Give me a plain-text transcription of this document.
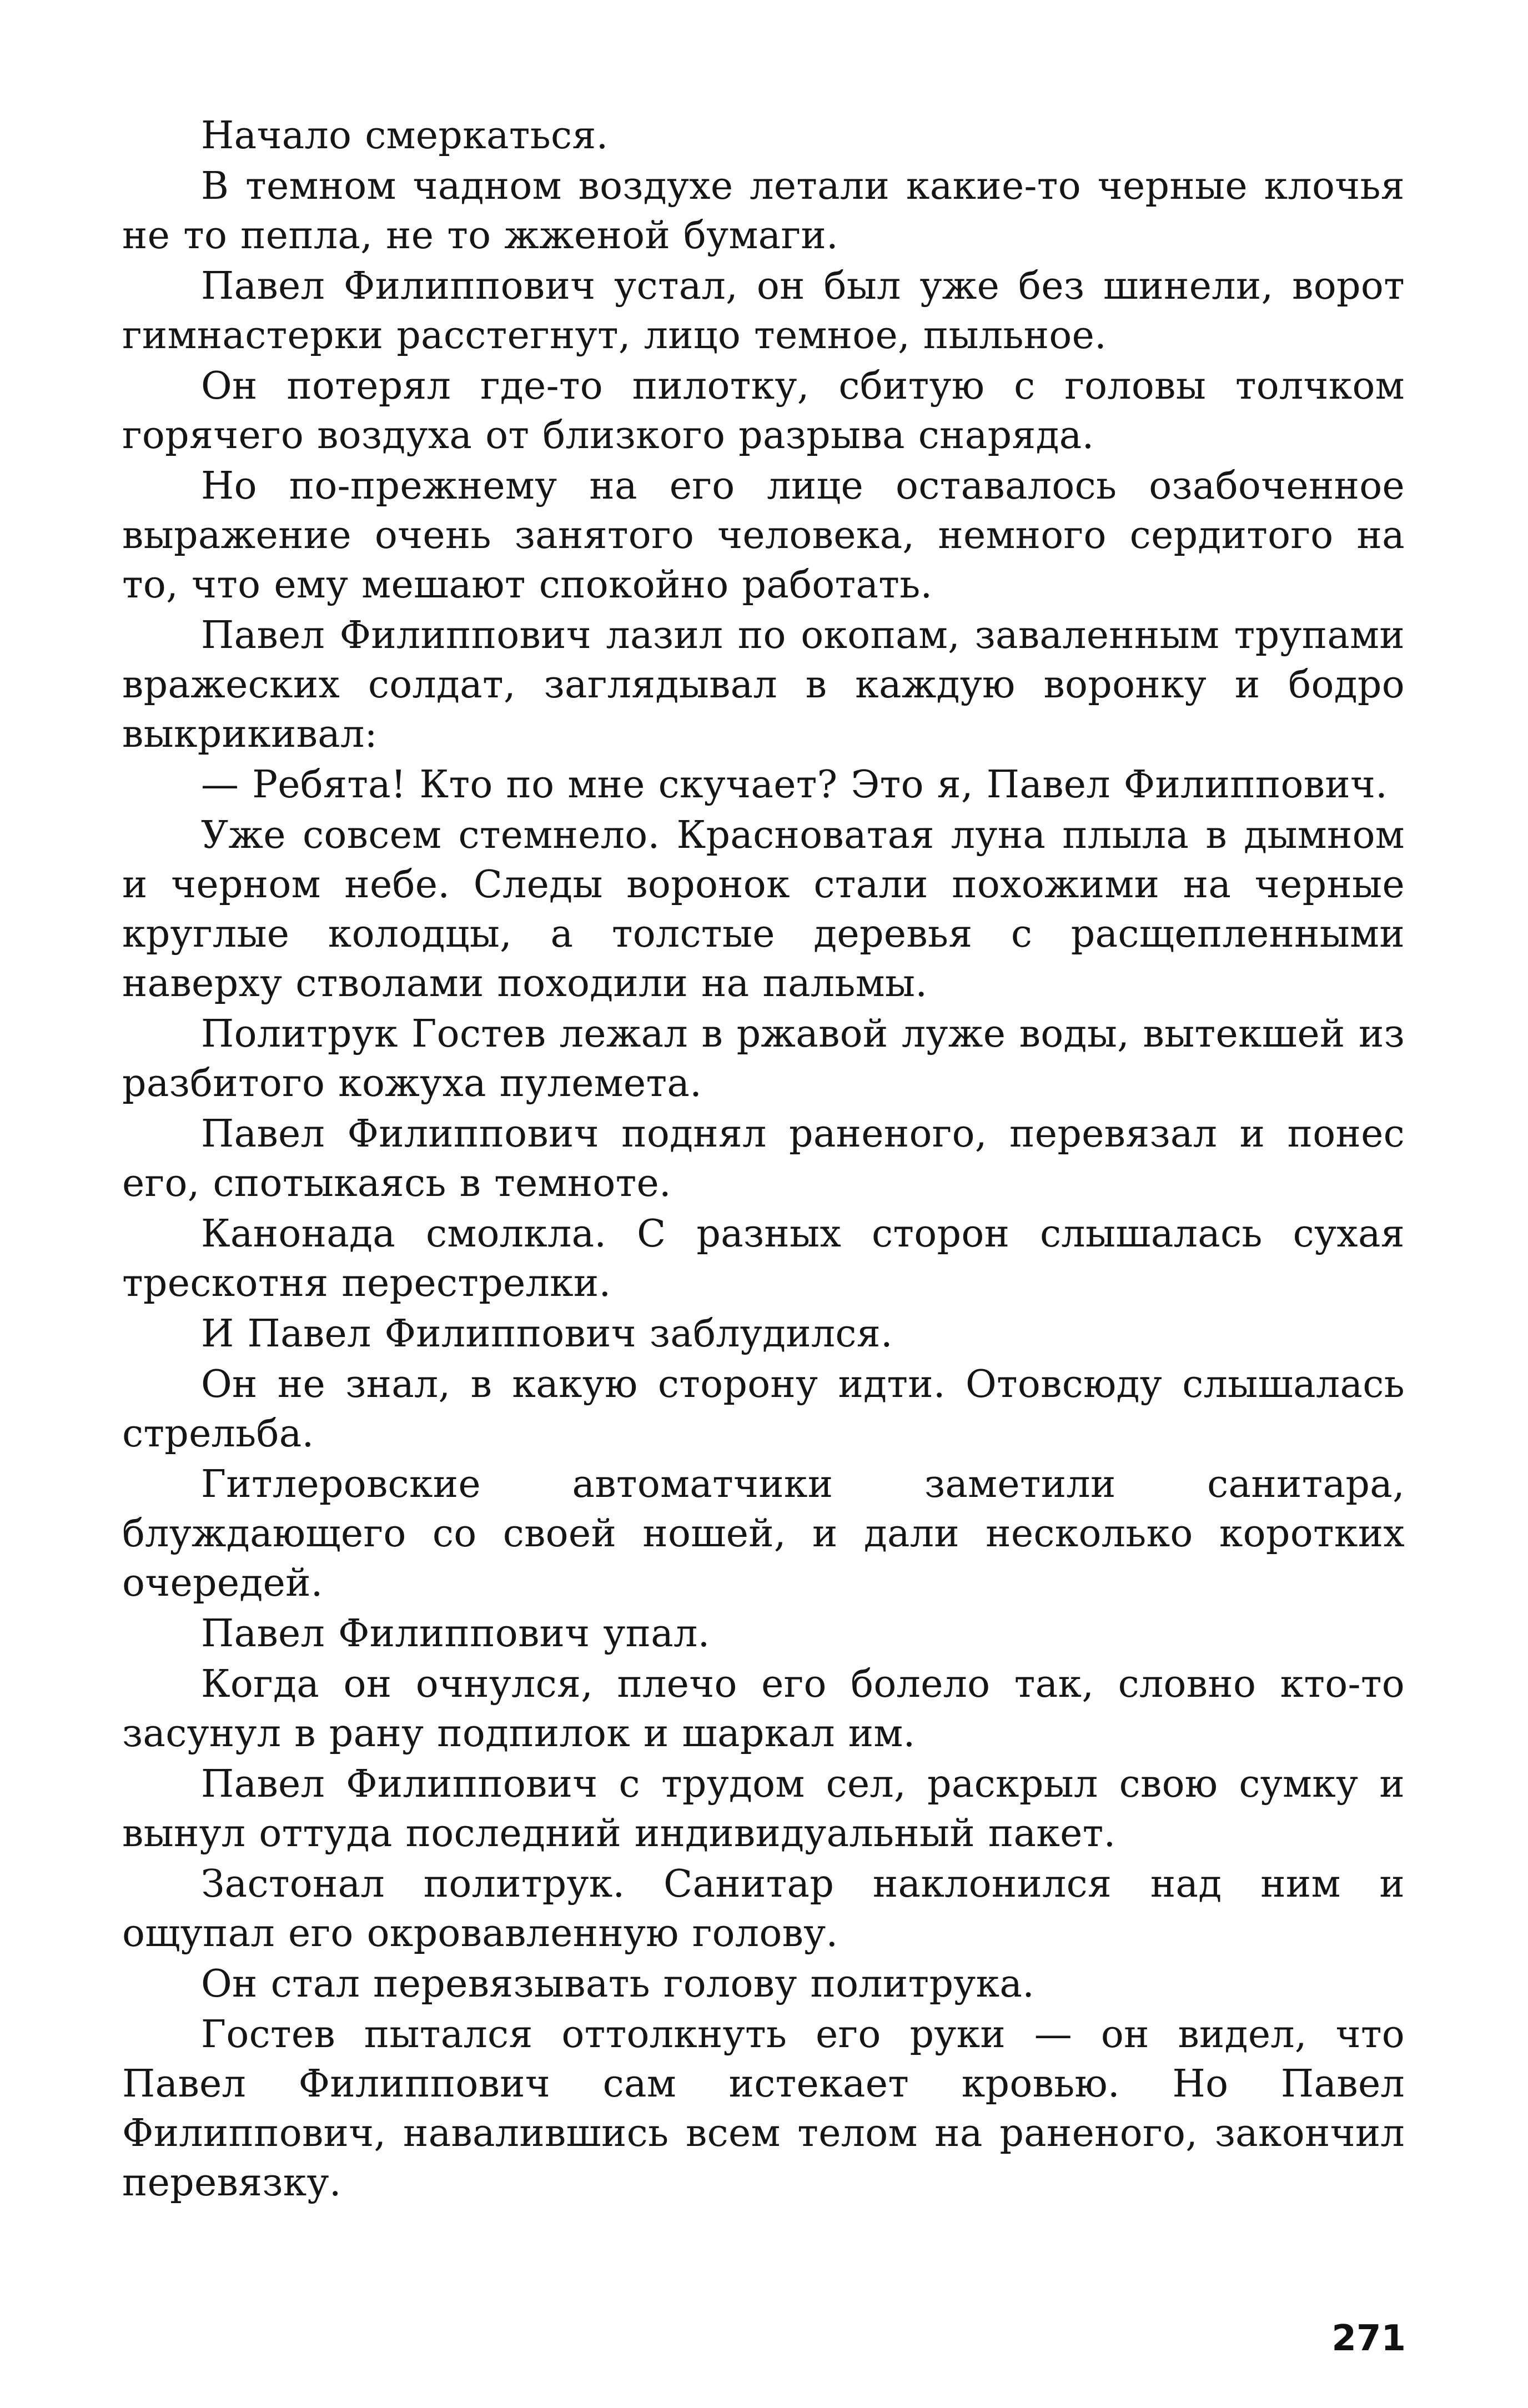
Начало смеркаться.

В темном чадном воздухе летали какие-то черные клочья не то пепла, не то жженой бумаги.

Павел Филиппович устал, он был уже без шинели, ворот гимнастерки расстегнут, лицо темное, пыльное.

Он потерял где-то пилотку, сбитую с головы толчком горячего воздуха от близкого разрыва снаряда.

Но по-прежнему на его лице оставалось озабоченное выражение очень занятого человека, немного сердитого на то, что ему мешают спокойно работать.

Павел Филиппович лазил по окопам, заваленным трупами вражеских солдат, заглядывал в каждую воронку и бодро выкрикивал:

— Ребята! Кто по мне скучает? Это я, Павел Филиппович.

Уже совсем стемнело. Красноватая луна плыла в дымном и черном небе. Следы воронок стали похожими на черные круглые колодцы, а толстые деревья с расщепленными наверху стволами походили на пальмы.

Политрук Гостев лежал в ржавой луже воды, вытекшей из разбитого кожуха пулемета.

Павел Филиппович поднял раненого, перевязал и понес его, спотыкаясь в темноте.

Канонада смолкла. С разных сторон слышалась сухая трескотня перестрелки.

И Павел Филиппович заблудился.

Он не знал, в какую сторону идти. Отовсюду слышалась стрельба.

Гитлеровские автоматчики заметили санитара, блуждающего со своей ношей, и дали несколько коротких очередей.

Павел Филиппович упал.

Когда он очнулся, плечо его болело так, словно кто-то засунул в рану подпилок и шаркал им.

Павел Филиппович с трудом сел, раскрыл свою сумку и вынул оттуда последний индивидуальный пакет.

Застонал политрук. Санитар наклонился над ним и ощупал его окровавленную голову.

Он стал перевязывать голову политрука.

Гостев пытался оттолкнуть его руки — он видел, что Павел Филиппович сам истекает кровью. Но Павел Филиппович, навалившись всем телом на раненого, закончил перевязку.

271
